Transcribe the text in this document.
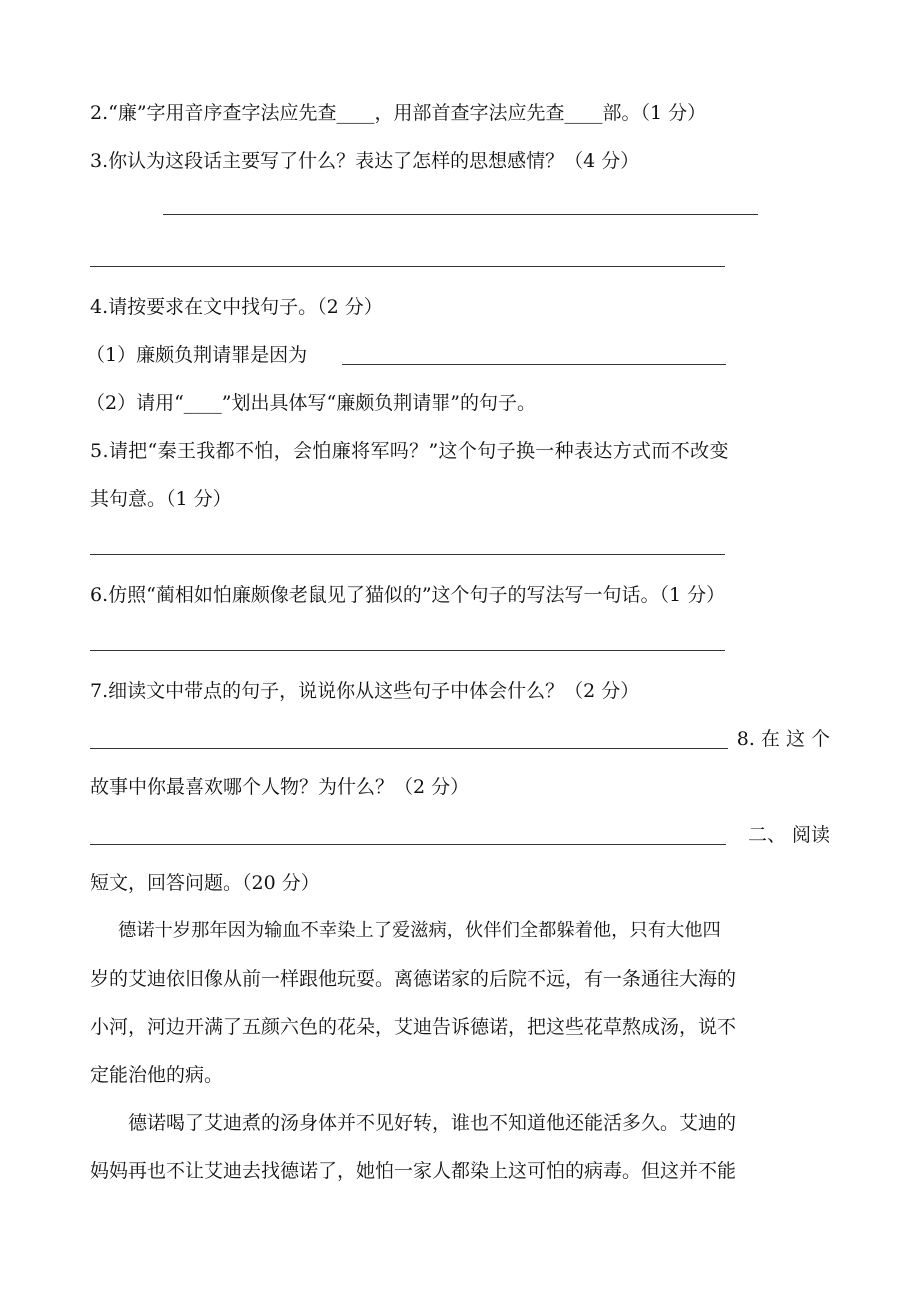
2.“廉”字用音序查字法应先查____，用部首查字法应先查____部。（1 分）
3.你认为这段话主要写了什么？表达了怎样的思想感情？（4 分）
4.请按要求在文中找句子。（2 分）
（1）廉颇负荆请罪是因为
（2）请用“____”划出具体写“廉颇负荆请罪”的句子。
5.请把“秦王我都不怕，会怕廉将军吗？”这个句子换一种表达方式而不改变
其句意。（1 分）
6.仿照“蔺相如怕廉颇像老鼠见了猫似的”这个句子的写法写一句话。（1 分）
7.细读文中带点的句子，说说你从这些句子中体会什么？（2 分）
8. 在 这 个
故事中你最喜欢哪个人物？为什么？（2 分）
二、 阅读
短文，回答问题。（20 分）
德诺十岁那年因为输血不幸染上了爱滋病，伙伴们全都躲着他，只有大他四
岁的艾迪依旧像从前一样跟他玩耍。离德诺家的后院不远，有一条通往大海的
小河，河边开满了五颜六色的花朵，艾迪告诉德诺，把这些花草熬成汤，说不
定能治他的病。
德诺喝了艾迪煮的汤身体并不见好转，谁也不知道他还能活多久。艾迪的
妈妈再也不让艾迪去找德诺了，她怕一家人都染上这可怕的病毒。但这并不能
